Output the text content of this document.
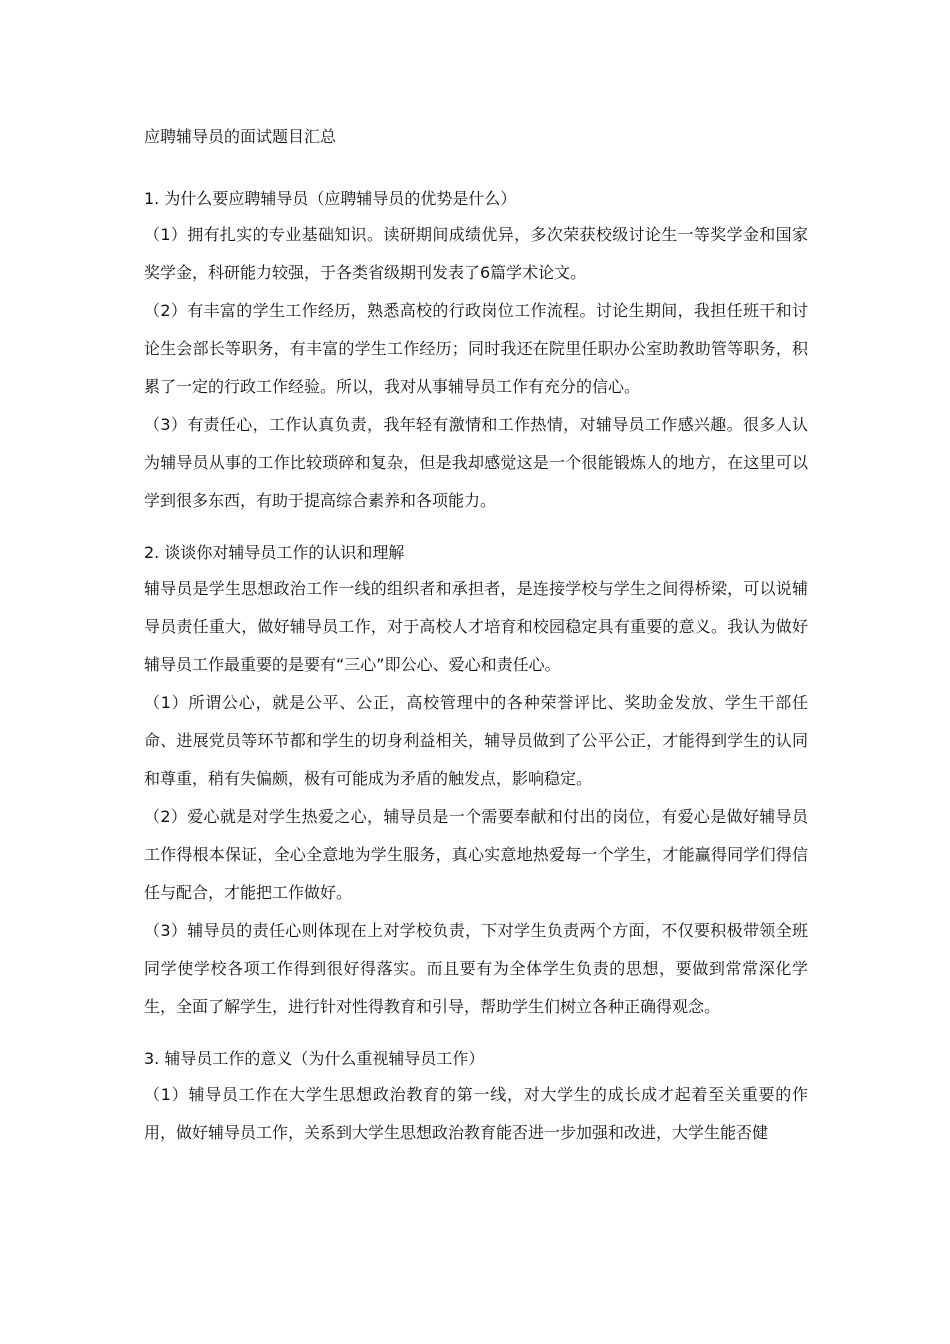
应聘辅导员的面试题目汇总
1. 为什么要应聘辅导员（应聘辅导员的优势是什么）

（1）拥有扎实的专业基础知识。读研期间成绩优异，多次荣获校级讨论生一等奖学金和国家奖学金，科研能力较强，于各类省级期刊发表了6篇学术论文。

（2）有丰富的学生工作经历，熟悉高校的行政岗位工作流程。讨论生期间，我担任班干和讨论生会部长等职务，有丰富的学生工作经历；同时我还在院里任职办公室助教助管等职务，积累了一定的行政工作经验。所以，我对从事辅导员工作有充分的信心。

（3）有责任心，工作认真负责，我年轻有激情和工作热情，对辅导员工作感兴趣。很多人认为辅导员从事的工作比较琐碎和复杂，但是我却感觉这是一个很能锻炼人的地方，在这里可以学到很多东西，有助于提高综合素养和各项能力。

2. 谈谈你对辅导员工作的认识和理解

辅导员是学生思想政治工作一线的组织者和承担者，是连接学校与学生之间得桥梁，可以说辅导员责任重大，做好辅导员工作，对于高校人才培育和校园稳定具有重要的意义。我认为做好辅导员工作最重要的是要有“三心”即公心、爱心和责任心。

（1）所谓公心，就是公平、公正，高校管理中的各种荣誉评比、奖助金发放、学生干部任命、进展党员等环节都和学生的切身利益相关，辅导员做到了公平公正，才能得到学生的认同和尊重，稍有失偏颇，极有可能成为矛盾的触发点，影响稳定。

（2）爱心就是对学生热爱之心，辅导员是一个需要奉献和付出的岗位，有爱心是做好辅导员工作得根本保证，全心全意地为学生服务，真心实意地热爱每一个学生，才能赢得同学们得信任与配合，才能把工作做好。

（3）辅导员的责任心则体现在上对学校负责，下对学生负责两个方面，不仅要积极带领全班同学使学校各项工作得到很好得落实。而且要有为全体学生负责的思想，要做到常常深化学生，全面了解学生，进行针对性得教育和引导，帮助学生们树立各种正确得观念。

3. 辅导员工作的意义（为什么重视辅导员工作）

（1）辅导员工作在大学生思想政治教育的第一线，对大学生的成长成才起着至关重要的作用，做好辅导员工作，关系到大学生思想政治教育能否进一步加强和改进，大学生能否健
